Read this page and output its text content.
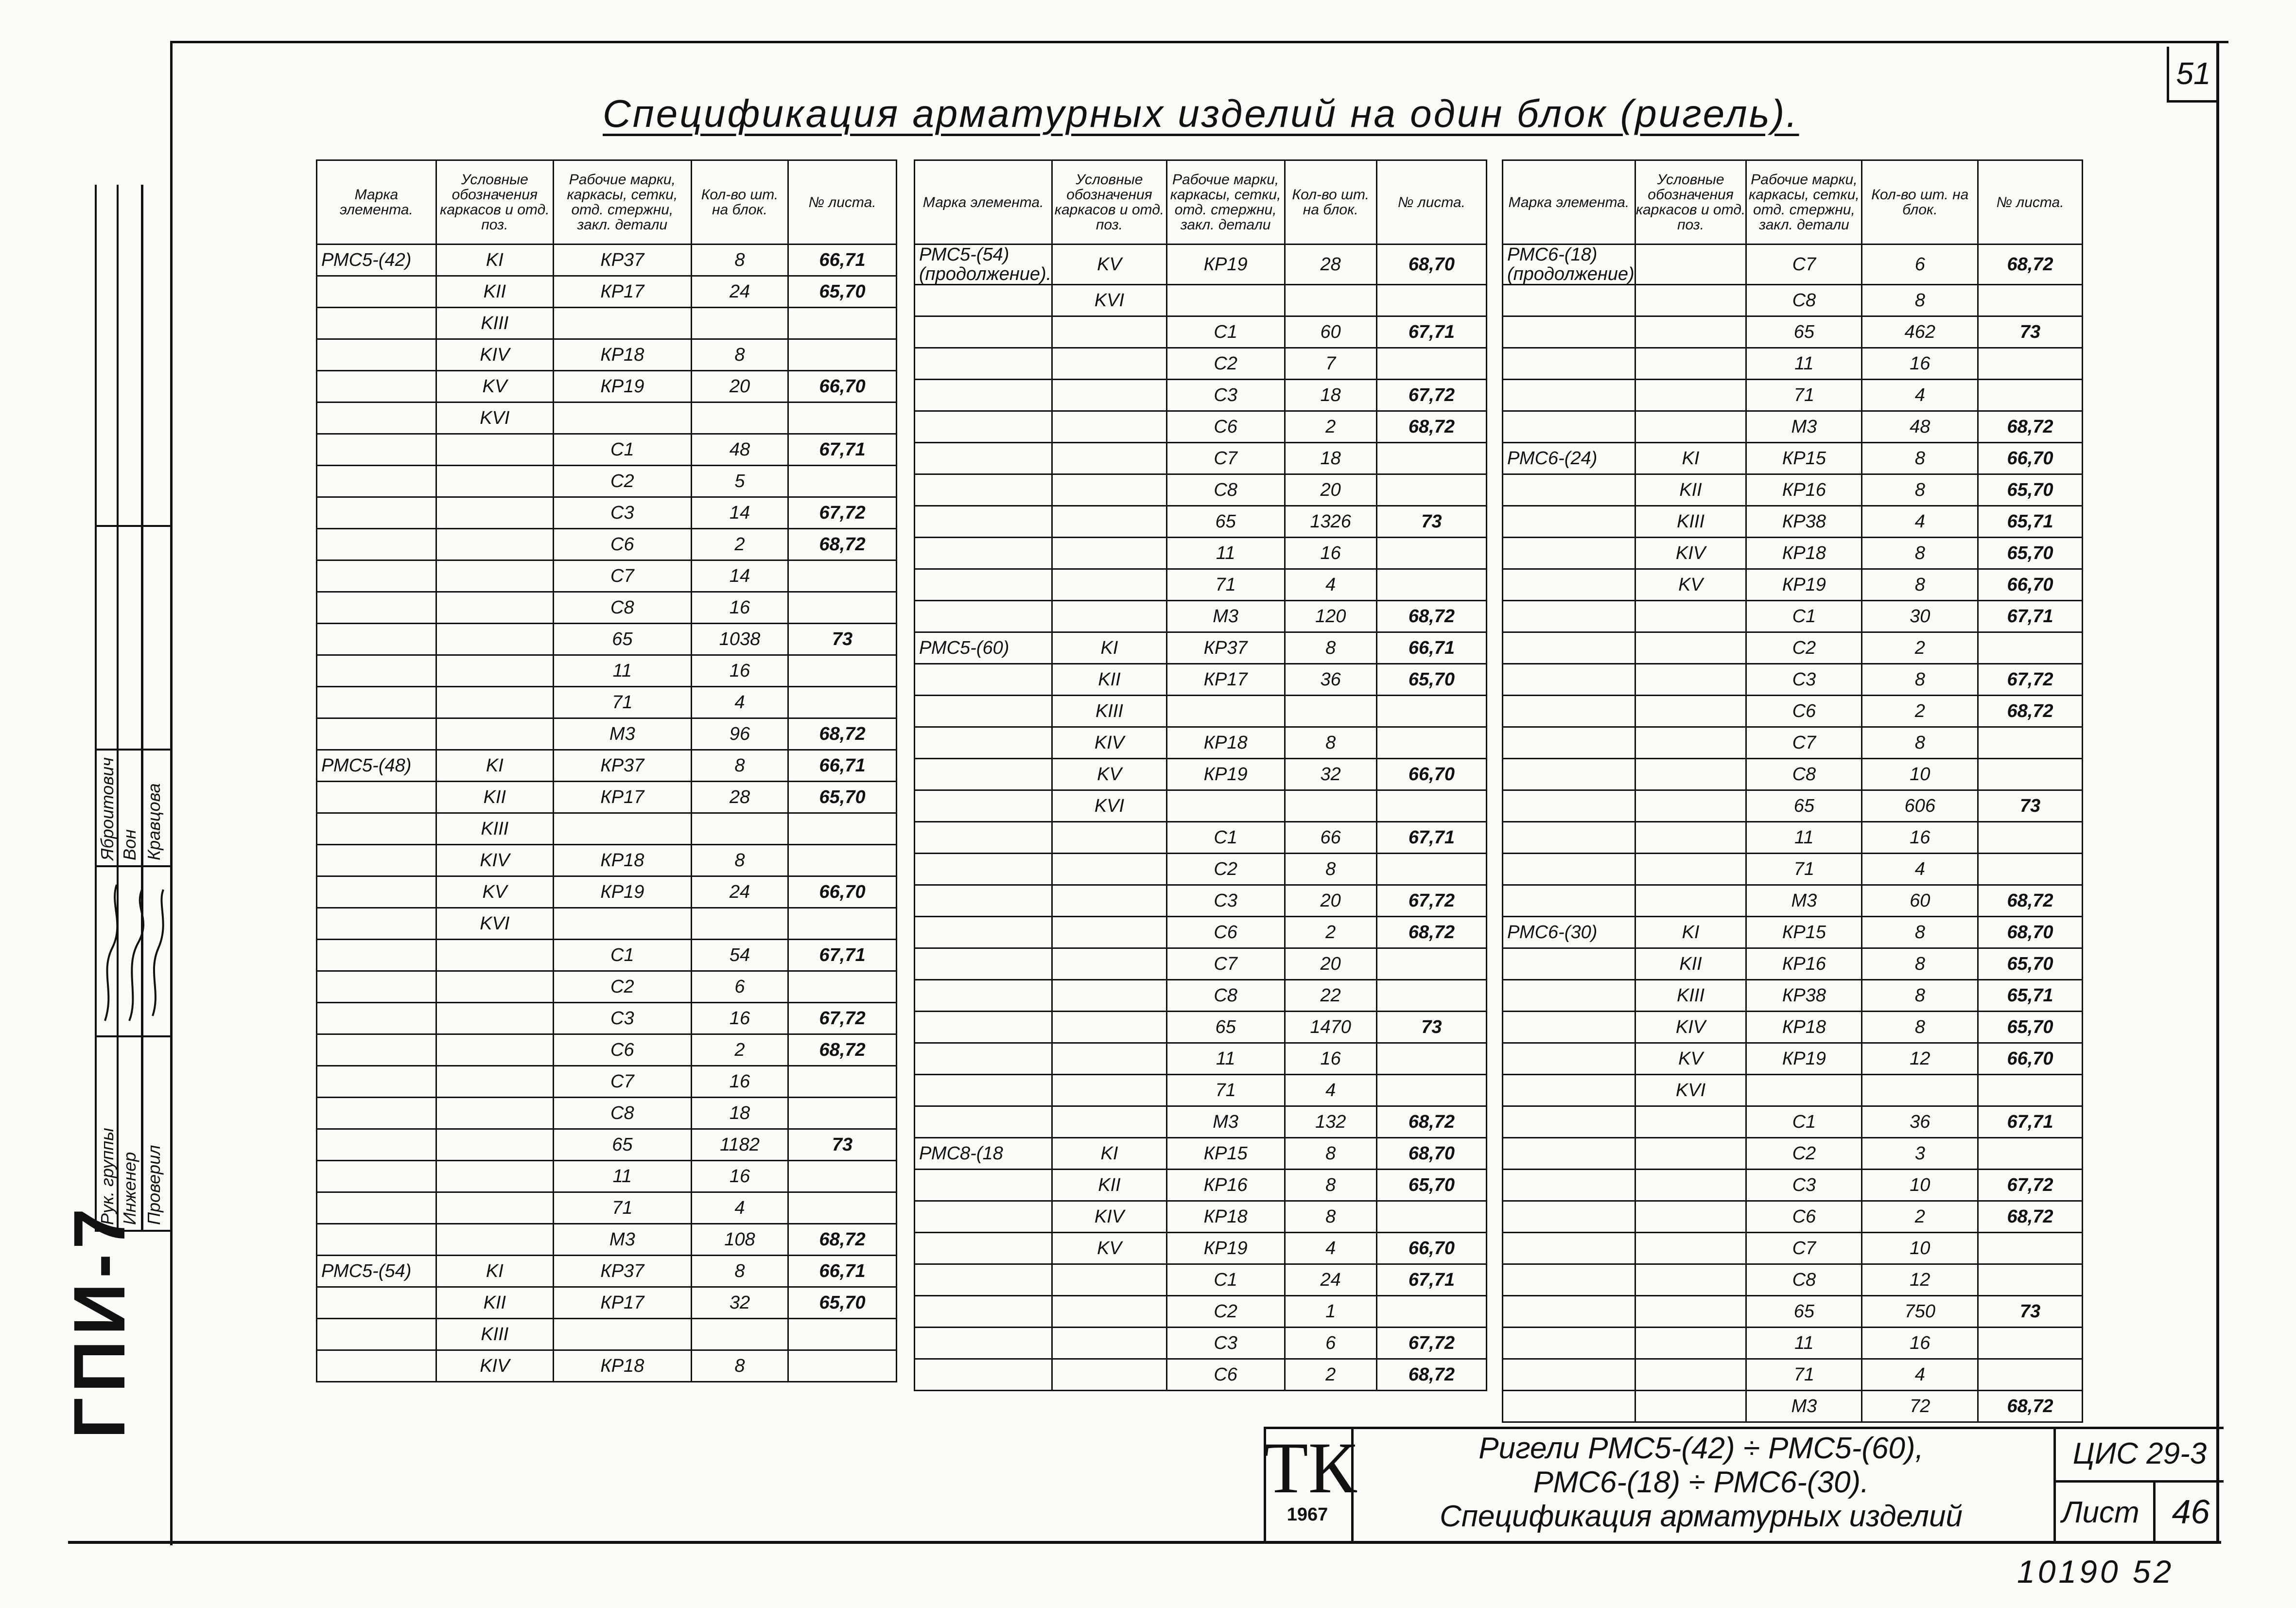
51
Спецификация арматурных изделий на один блок (ригель).
Рук. группы Инженер Проверил
Яброитович Вон Кравцова
ГПИ-7
Марка элемента.	Условные обозначения каркасов и отд. поз.	Рабочие марки, каркасы, сетки, отд. стержни, закл. детали	Кол-во шт. на блок.	№ листа.
РМС5-(42)	KI	КР37	8	66,71
	KII	КР17	24	65,70
	KIII			
	KIV	КР18	8	
	KV	КР19	20	66,70
	KVI			
		С1	48	67,71
		С2	5	
		С3	14	67,72
		С6	2	68,72
		С7	14	
		С8	16	
		65	1038	73
		11	16	
		71	4	
		М3	96	68,72
РМС5-(48)	KI	КР37	8	66,71
	KII	КР17	28	65,70
	KIII			
	KIV	КР18	8	
	KV	КР19	24	66,70
	KVI			
		С1	54	67,71
		С2	6	
		С3	16	67,72
		С6	2	68,72
		С7	16	
		С8	18	
		65	1182	73
		11	16	
		71	4	
		М3	108	68,72
РМС5-(54)	KI	КР37	8	66,71
	KII	КР17	32	65,70
	KIII			
	KIV	КР18	8	
Марка элемента.	Условные обозначения каркасов и отд. поз.	Рабочие марки, каркасы, сетки, отд. стержни, закл. детали	Кол-во шт. на блок.	№ листа.
РМС5-(54) (продолжение).	KV	КР19	28	68,70
	KVI			
		С1	60	67,71
		С2	7	
		С3	18	67,72
		С6	2	68,72
		С7	18	
		С8	20	
		65	1326	73
		11	16	
		71	4	
		М3	120	68,72
РМС5-(60)	KI	КР37	8	66,71
	KII	КР17	36	65,70
	KIII			
	KIV	КР18	8	
	KV	КР19	32	66,70
	KVI			
		С1	66	67,71
		С2	8	
		С3	20	67,72
		С6	2	68,72
		С7	20	
		С8	22	
		65	1470	73
		11	16	
		71	4	
		М3	132	68,72
РМС8-(18	KI	КР15	8	68,70
	KII	КР16	8	65,70
	KIV	КР18	8	
	KV	КР19	4	66,70
		С1	24	67,71
		С2	1	
		С3	6	67,72
		С6	2	68,72
Марка элемента.	Условные обозначения каркасов и отд. поз.	Рабочие марки, каркасы, сетки, отд. стержни, закл. детали	Кол-во шт. на блок.	№ листа.
РМС6-(18) (продолжение)		С7	6	68,72
		С8	8	
		65	462	73
		11	16	
		71	4	
		М3	48	68,72
РМС6-(24)	KI	КР15	8	66,70
	KII	КР16	8	65,70
	KIII	КР38	4	65,71
	KIV	КР18	8	65,70
	KV	КР19	8	66,70
		С1	30	67,71
		С2	2	
		С3	8	67,72
		С6	2	68,72
		С7	8	
		С8	10	
		65	606	73
		11	16	
		71	4	
		М3	60	68,72
РМС6-(30)	KI	КР15	8	68,70
	KII	КР16	8	65,70
	KIII	КР38	8	65,71
	KIV	КР18	8	65,70
	KV	КР19	12	66,70
	KVI			
		С1	36	67,71
		С2	3	
		С3	10	67,72
		С6	2	68,72
		С7	10	
		С8	12	
		65	750	73
		11	16	
		71	4	
		М3	72	68,72
ТК
1967
Ригели РМС5-(42) ÷ РМС5-(60),
РМС6-(18) ÷ РМС6-(30).
Спецификация арматурных изделий
ЦИС 29-3
Лист 46
10190 52
